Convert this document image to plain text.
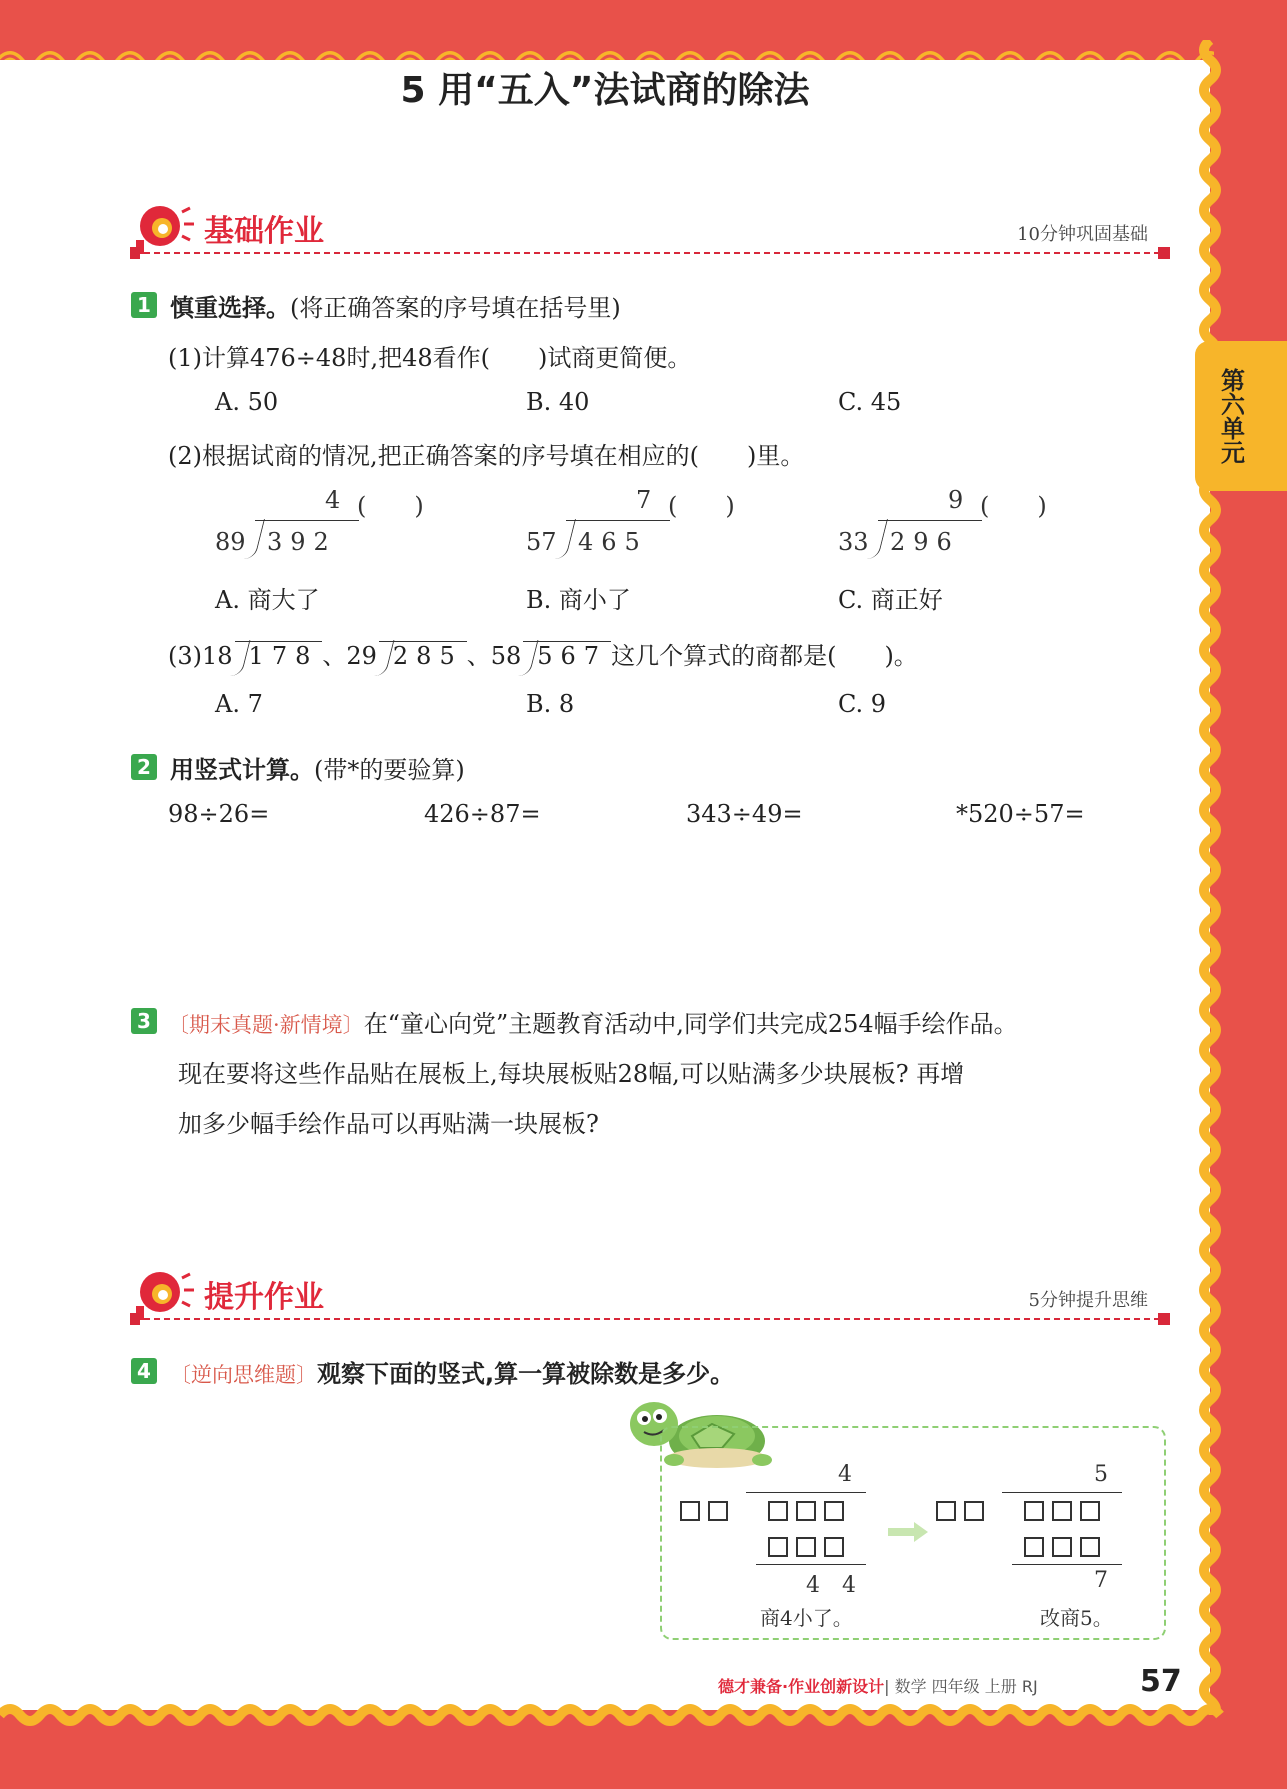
5 用“五入”法试商的除法
第六单元
基础作业	10分钟巩固基础
1 慎重选择。(将正确答案的序号填在括号里)
(1)计算476÷48时,把48看作(　　)试商更简便。
A. 50	B. 40	C. 45
(2)根据试商的情况,把正确答案的序号填在相应的(　　)里。
4 (　　)
89 392
7 (　　)
57 465
9 (　　)
33 296
A. 商大了	B. 商小了	C. 商正好
(3)18 178 、29 285 、58 567 这几个算式的商都是(　　)。
A. 7	B. 8	C. 9
2 用竖式计算。(带*的要验算)
98÷26=	426÷87=	343÷49=	*520÷57=
3 〔期末真题·新情境〕在“童心向党”主题教育活动中,同学们共完成254幅手绘作品。
现在要将这些作品贴在展板上,每块展板贴28幅,可以贴满多少块展板? 再增
加多少幅手绘作品可以再贴满一块展板?
提升作业	5分钟提升思维
4 〔逆向思维题〕观察下面的竖式,算一算被除数是多少。
4
4　4
商4小了。
5
7
改商5。
德才兼备·作业创新设计| 数学 四年级 上册 RJ	57
